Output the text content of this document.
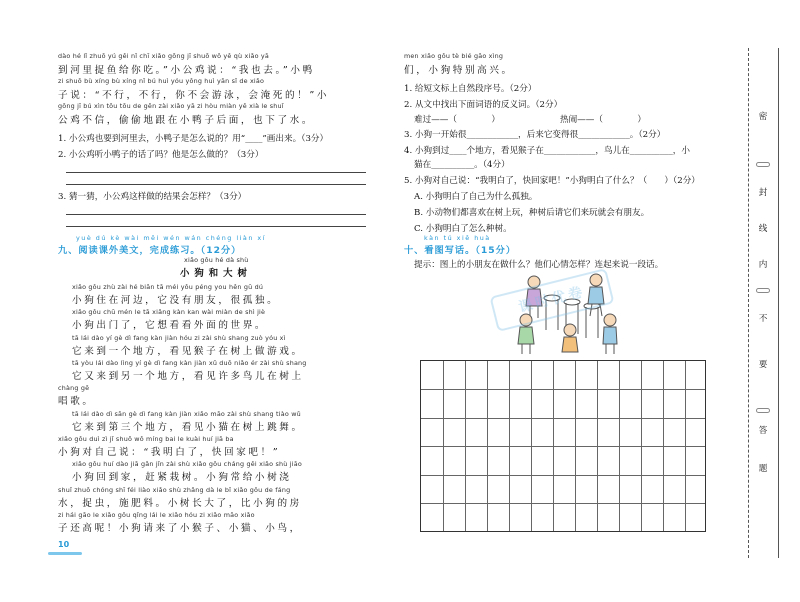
dào hé lǐ zhuō yú gěi nǐ chī xiǎo gōng jī shuō wǒ yě qù xiǎo yā
到河里捉鱼给你吃。”小公鸡说：“我也去。”小鸭
zi shuō bù xíng bù xíng nǐ bú huì yóu yǒng huì yān sǐ de xiǎo
子说：“不行，不行，你不会游泳，会淹死的！”小
gōng jī bú xìn tōu tōu de gēn zài xiǎo yā zi hòu miàn yě xià le shuǐ
公鸡不信，偷偷地跟在小鸭子后面，也下了水。
1. 小公鸡也要到河里去，小鸭子是怎么说的？用“____”画出来。（3分）
2. 小公鸡听小鸭子的话了吗？他是怎么做的？（3分）
3. 猜一猜，小公鸡这样做的结果会怎样？（3分）
yuè dú kè wài měi wén wán chéng liàn xí
九、阅读课外美文，完成练习。（12分）
xiǎo gǒu hé dà shù
小狗和大树
xiǎo gǒu zhù zài hé biān tā méi yǒu péng you hěn gū dú
小狗住在河边，它没有朋友，很孤独。
xiǎo gǒu chū mén le tā xiǎng kàn kan wài miàn de shì jiè
小狗出门了，它想看看外面的世界。
tā lái dào yí gè dì fang kàn jiàn hóu zi zài shù shang zuò yóu xì
它来到一个地方，看见猴子在树上做游戏。
tā yòu lái dào lìng yí gè dì fang kàn jiàn xǔ duō niǎo ér zài shù shang
它又来到另一个地方，看见许多鸟儿在树上
chàng gē
唱歌。
tā lái dào dì sān gè dì fang kàn jiàn xiǎo māo zài shù shang tiào wǔ
它来到第三个地方，看见小猫在树上跳舞。
xiǎo gǒu duì zì jǐ shuō wǒ míng bai le kuài huí jiā ba
小狗对自己说：“我明白了，快回家吧！”
xiǎo gǒu huí dào jiā gǎn jǐn zài shù xiǎo gǒu cháng gěi xiǎo shù jiāo
小狗回到家，赶紧栽树。小狗常给小树浇
shuǐ zhuō chóng shī féi liào xiǎo shù zhǎng dà le bǐ xiǎo gǒu de fáng
水，捉虫，施肥料。小树长大了，比小狗的房
zi hái gāo le xiǎo gǒu qǐng lái le xiǎo hóu zi xiǎo māo xiǎo
子还高呢！小狗请来了小猴子、小猫、小鸟，
10
men xiǎo gǒu tè bié gāo xìng
们，小狗特别高兴。
1. 给短文标上自然段序号。（2分）
2. 从文中找出下面词语的反义词。（2分）
难过——（　　　　）	热闹——（　　　　）
3. 小狗一开始很____________，后来它变得很____________。（2分）
4. 小狗到过____个地方，看见猴子在____________，鸟儿在__________，小
猫在__________。（4分）
5. 小狗对自己说：“我明白了，快回家吧！”小狗明白了什么？（　　）（2分）
A. 小狗明白了自己为什么孤独。
B. 小动物们都喜欢在树上玩，种树后请它们来玩就会有朋友。
C. 小狗明白了怎么种树。
kàn tú xiě huà
十、看图写话。（15分）
提示：图上的小朋友在做什么？他们心情怎样？连起来说一段话。
课时优卷
密
封
线
内
不
要
答
题
